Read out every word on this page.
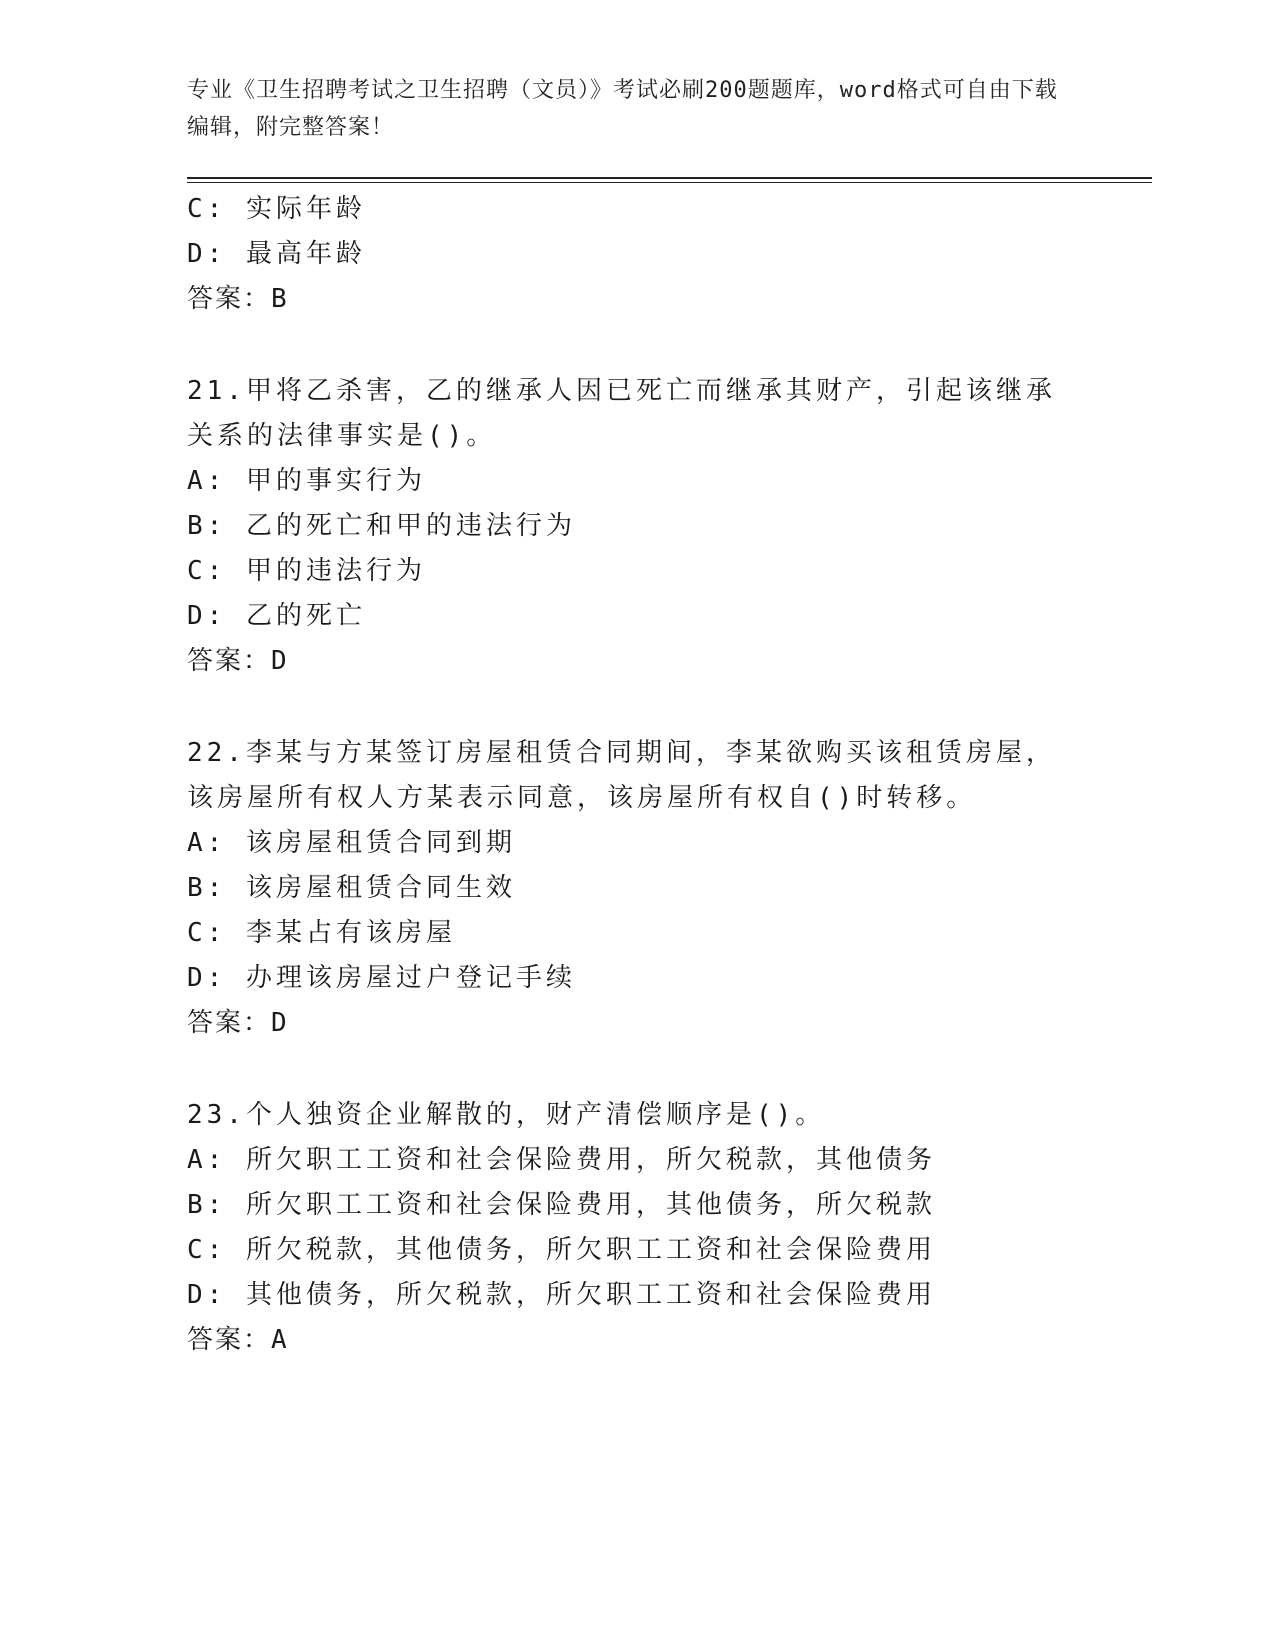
专业《卫生招聘考试之卫生招聘（文员）》考试必刷200题题库，word格式可自由下载编辑，附完整答案！
C: 实际年龄
D: 最高年龄
答案：B
21.甲将乙杀害，乙的继承人因已死亡而继承其财产，引起该继承关系的法律事实是()。
A: 甲的事实行为
B: 乙的死亡和甲的违法行为
C: 甲的违法行为
D: 乙的死亡
答案：D
22.李某与方某签订房屋租赁合同期间，李某欲购买该租赁房屋，该房屋所有权人方某表示同意，该房屋所有权自()时转移。
A: 该房屋租赁合同到期
B: 该房屋租赁合同生效
C: 李某占有该房屋
D: 办理该房屋过户登记手续
答案：D
23.个人独资企业解散的，财产清偿顺序是()。
A: 所欠职工工资和社会保险费用，所欠税款，其他债务
B: 所欠职工工资和社会保险费用，其他债务，所欠税款
C: 所欠税款，其他债务，所欠职工工资和社会保险费用
D: 其他债务，所欠税款，所欠职工工资和社会保险费用
答案：A
